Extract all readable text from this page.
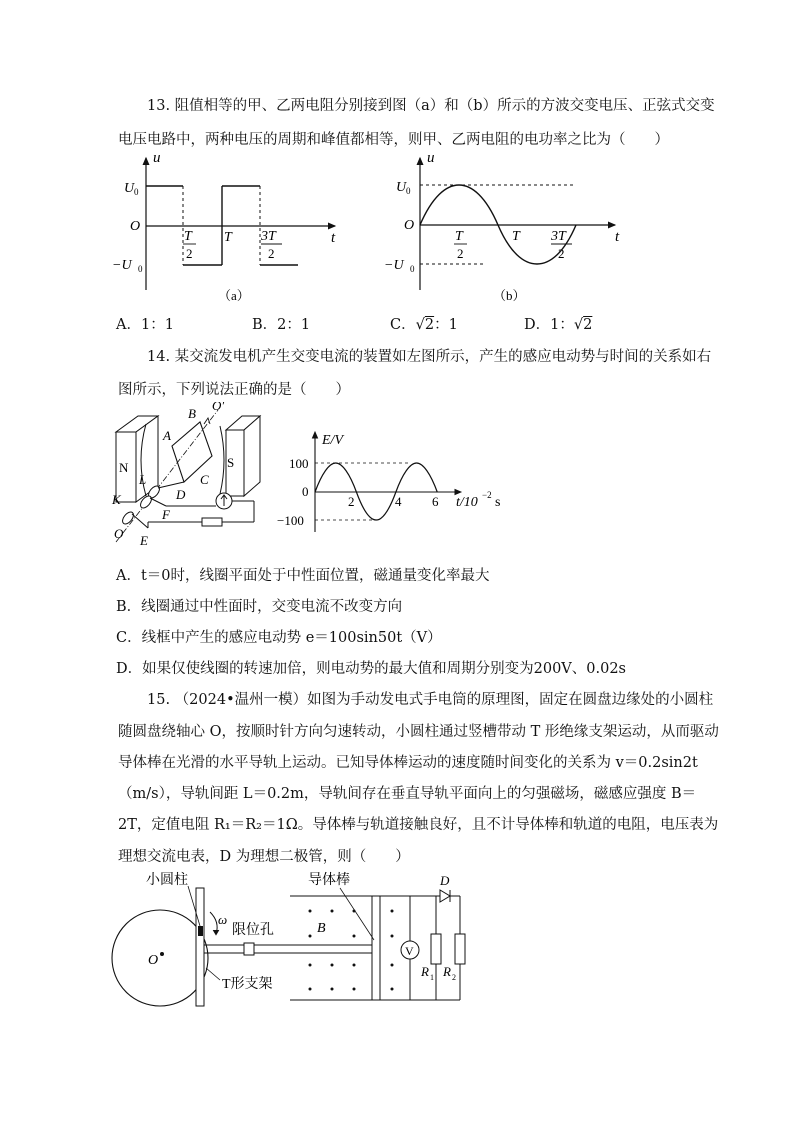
13. 阻值相等的甲、乙两电阻分别接到图（a）和（b）所示的方波交变电压、正弦式交变
电压电路中，两种电压的周期和峰值都相等，则甲、乙两电阻的电功率之比为（　　）
u
U 0
−U 0
O
t
T
2
T 3T
2
（a）
u
U 0
−U 0
O
t
T
2
T 3T
2
（b）
A．1：1	B．2：1	C．√2：1	D．1：√2
14. 某交流发电机产生交变电流的装置如左图所示，产生的感应电动势与时间的关系如右
图所示，下列说法正确的是（　　）
N	S
B
O′
A
C
D
L
F
K
O E
E/V
100
0
−100
2	4 6 t/10 −2 s
A．t＝0时，线圈平面处于中性面位置，磁通量变化率最大
B．线圈通过中性面时，交变电流不改变方向
C．线框中产生的感应电动势 e＝100sin50t（V）
D．如果仅使线圈的转速加倍，则电动势的最大值和周期分别变为200V、0.02s
15. （2024•温州一模）如图为手动发电式手电筒的原理图，固定在圆盘边缘处的小圆柱
随圆盘绕轴心 O，按顺时针方向匀速转动，小圆柱通过竖槽带动 T 形绝缘支架运动，从而驱动
导体棒在光滑的水平导轨上运动。已知导体棒运动的速度随时间变化的关系为 v＝0.2sin2t
（m/s），导轨间距 L＝0.2m，导轨间存在垂直导轨平面向上的匀强磁场，磁感应强度 B＝
2T，定值电阻 R₁＝R₂＝1Ω。导体棒与轨道接触良好，且不计导体棒和轨道的电阻，电压表为
理想交流电表，D 为理想二极管，则（　　）
O
V
R 1 R 2
D
小圆柱	导体棒
限位孔
T形支架
ω
B
